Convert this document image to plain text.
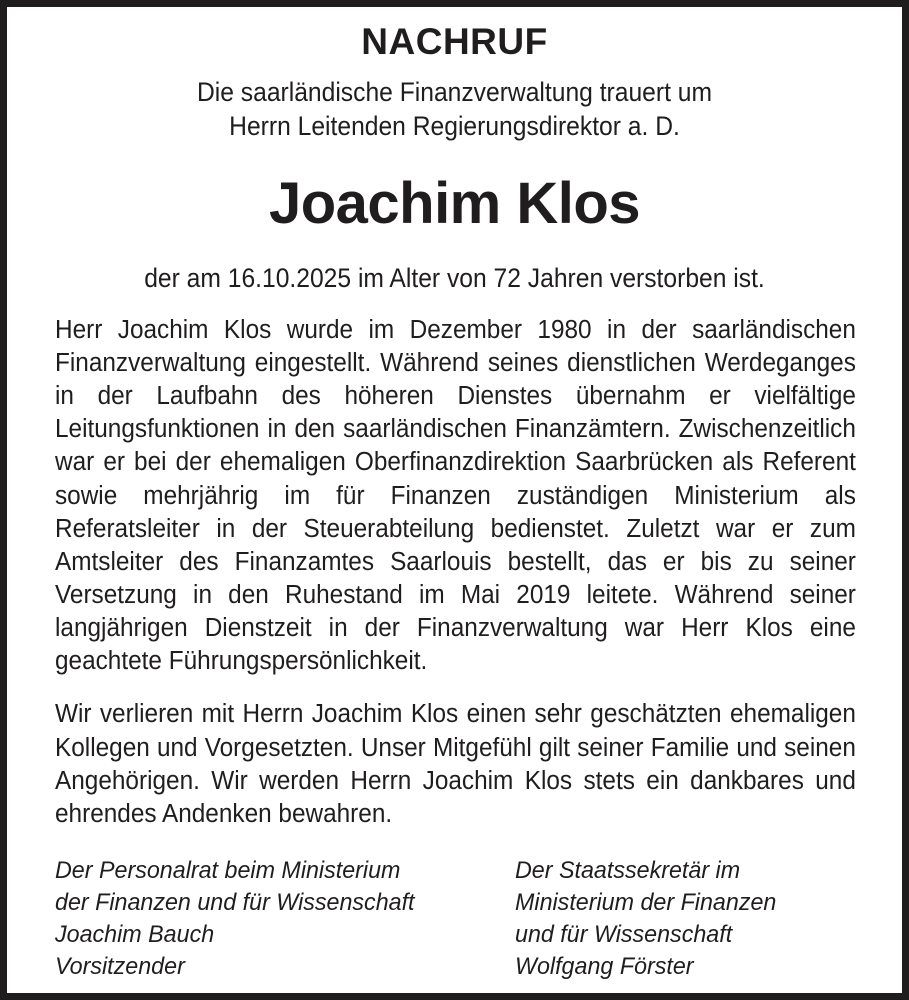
NACHRUF
Die saarländische Finanzverwaltung trauert um
Herrn Leitenden Regierungsdirektor a. D.
Joachim Klos
der am 16.10.2025 im Alter von 72 Jahren verstorben ist.

Herr Joachim Klos wurde im Dezember 1980 in der saarländischen Finanzverwaltung eingestellt. Während seines dienstlichen Werdeganges in der Laufbahn des höheren Dienstes übernahm er vielfältige Leitungsfunktionen in den saarländischen Finanzämtern. Zwischenzeitlich war er bei der ehemaligen Oberfinanzdirektion Saarbrücken als Referent sowie mehrjährig im für Finanzen zuständigen Ministerium als Referatsleiter in der Steuerabteilung bedienstet. Zuletzt war er zum Amtsleiter des Finanzamtes Saarlouis bestellt, das er bis zu seiner Versetzung in den Ruhestand im Mai 2019 leitete. Während seiner langjährigen Dienstzeit in der Finanzverwaltung war Herr Klos eine geachtete Führungspersönlichkeit.

Wir verlieren mit Herrn Joachim Klos einen sehr geschätzten ehemaligen Kollegen und Vorgesetzten. Unser Mitgefühl gilt seiner Familie und seinen Angehörigen. Wir werden Herrn Joachim Klos stets ein dankbares und ehrendes Andenken bewahren.

Der Personalrat beim Ministerium
der Finanzen und für Wissenschaft
Joachim Bauch
Vorsitzender
Der Staatssekretär im
Ministerium der Finanzen
und für Wissenschaft
Wolfgang Förster
